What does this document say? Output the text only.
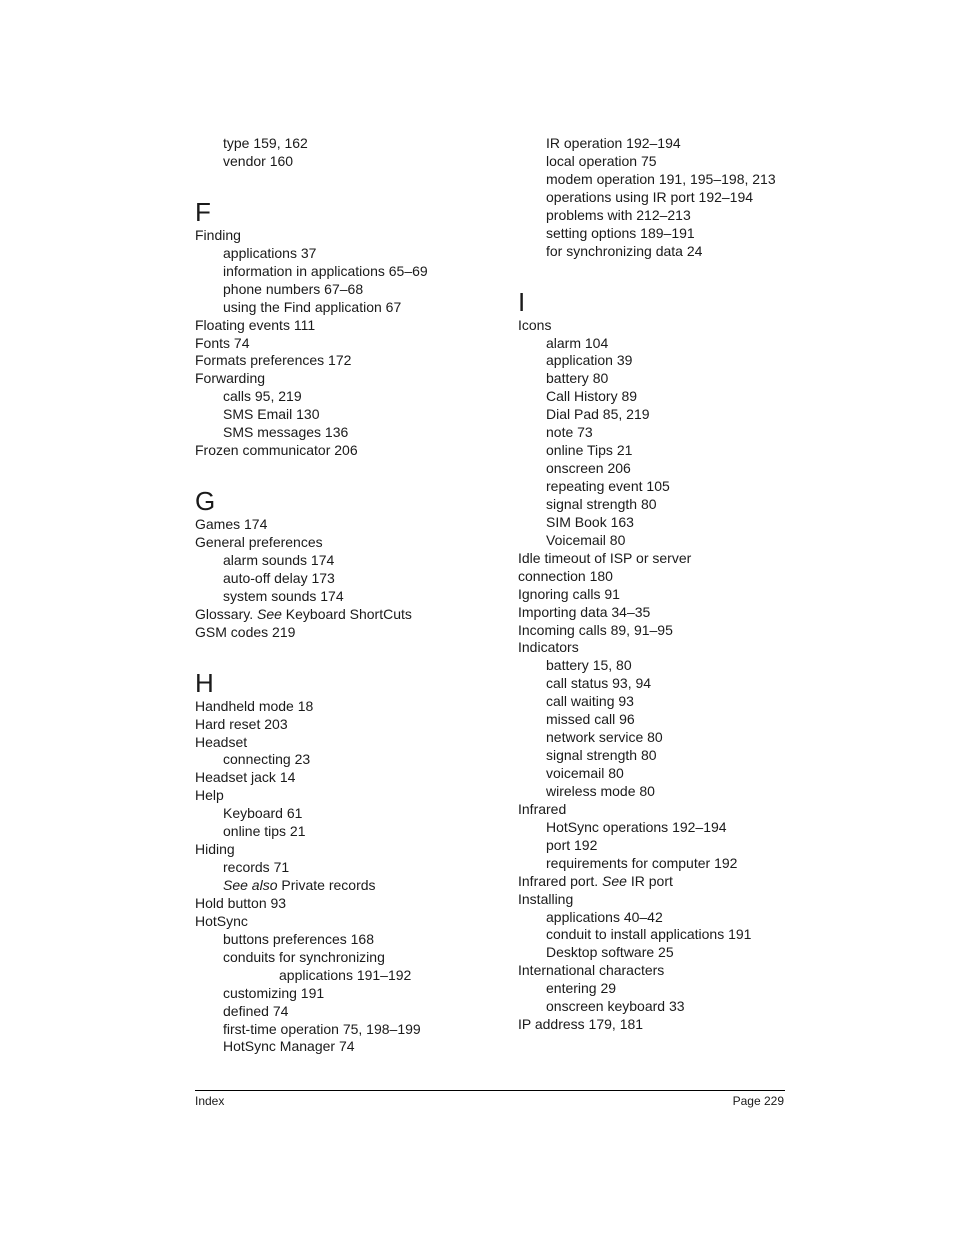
type 159, 162
vendor 160
F
Finding
applications 37
information in applications 65–69
phone numbers 67–68
using the Find application 67
Floating events 111
Fonts 74
Formats preferences 172
Forwarding
calls 95, 219
SMS Email 130
SMS messages 136
Frozen communicator 206
G
Games 174
General preferences
alarm sounds 174
auto-off delay 173
system sounds 174
Glossary. See Keyboard ShortCuts
GSM codes 219
H
Handheld mode 18
Hard reset 203
Headset
connecting 23
Headset jack 14
Help
Keyboard 61
online tips 21
Hiding
records 71
See also Private records
Hold button 93
HotSync
buttons preferences 168
conduits for synchronizing
applications 191–192
customizing 191
defined 74
first-time operation 75, 198–199
HotSync Manager 74
IR operation 192–194
local operation 75
modem operation 191, 195–198, 213
operations using IR port 192–194
problems with 212–213
setting options 189–191
for synchronizing data 24
I
Icons
alarm 104
application 39
battery 80
Call History 89
Dial Pad 85, 219
note 73
online Tips 21
onscreen 206
repeating event 105
signal strength 80
SIM Book 163
Voicemail 80
Idle timeout of ISP or server
connection 180
Ignoring calls 91
Importing data 34–35
Incoming calls 89, 91–95
Indicators
battery 15, 80
call status 93, 94
call waiting 93
missed call 96
network service 80
signal strength 80
voicemail 80
wireless mode 80
Infrared
HotSync operations 192–194
port 192
requirements for computer 192
Infrared port. See IR port
Installing
applications 40–42
conduit to install applications 191
Desktop software 25
International characters
entering 29
onscreen keyboard 33
IP address 179, 181
Index	Page 229
